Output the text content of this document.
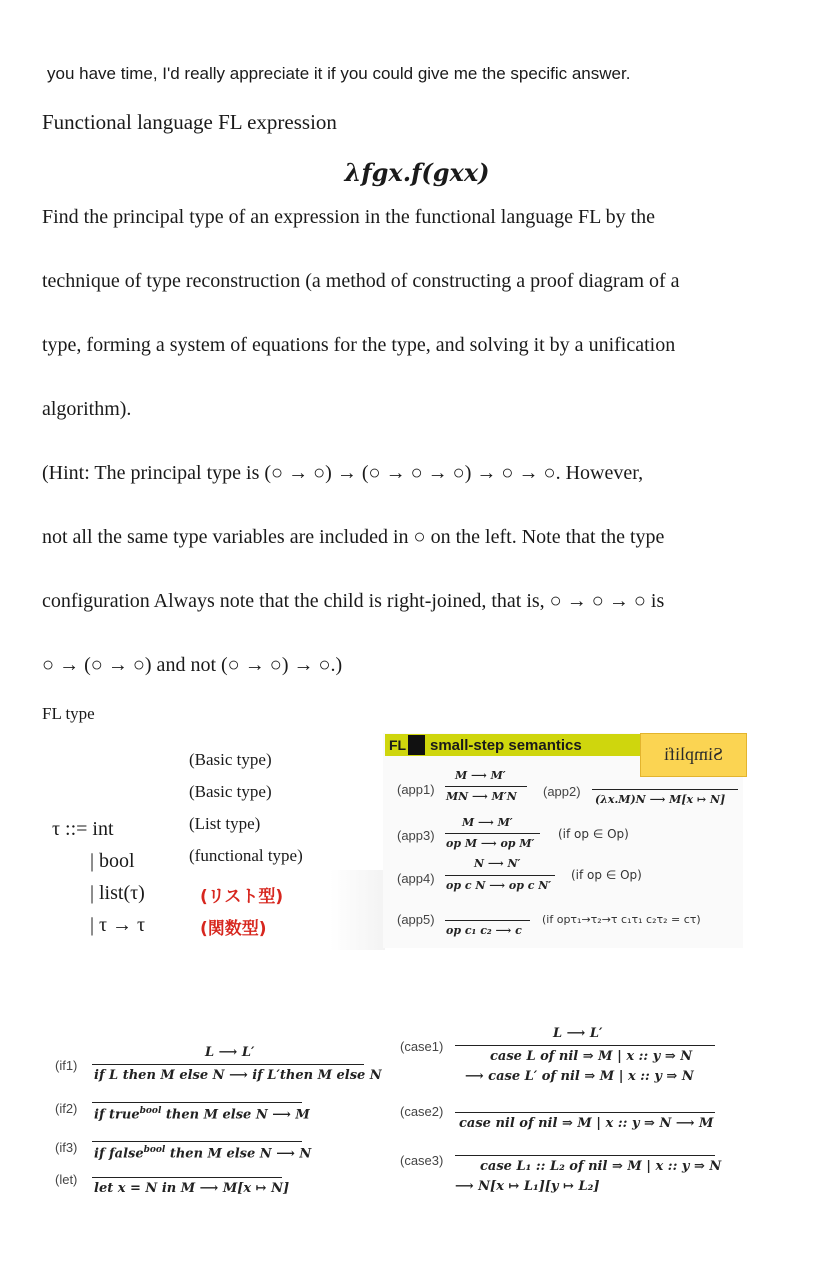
you have time, I'd really appreciate it if you could give me the specific answer.
Functional language FL expression
λfgx.f(gxx)
Find the principal type of an expression in the functional language FL by the
technique of type reconstruction (a method of constructing a proof diagram of a
type, forming a system of equations for the type, and solving it by a unification
algorithm).
(Hint: The principal type is (○ → ○) → (○ → ○ → ○) → ○ → ○. However,
not all the same type variables are included in ○ on the left. Note that the type
configuration Always note that the child is right-joined, that is, ○ → ○ → ○ is
○ → (○ → ○) and not (○ → ○) → ○.)
FL type
τ ::= int
| bool
| list(τ)
| τ → τ
(Basic type)
(Basic type)
(List type)
(functional type)
(リスト型)
(関数型)
FL small-step semantics	Simplifi
(app1)
M ⟶ M′
MN ⟶ M′N (app2)
(λx.M)N ⟶ M[x ↦ N]
(app3)
M ⟶ M′
op M ⟶ op M′
(if op ∈ Op)
(app4)
N ⟶ N′
op c N ⟶ op c N′
(if op ∈ Op)
(app5)
op c₁ c₂ ⟶ c
(if opτ₁→τ₂→τ c₁τ₁ c₂τ₂ = cτ)
(if1)
L ⟶ L′
if L then M else N ⟶ if L′then M else N
(if2) if true$^{bool}$ then M else N ⟶ M
(if3) if false$^{bool}$ then M else N ⟶ N
(let)
let x = N in M ⟶ M[x ↦ N]
(case1)
L ⟶ L′
case L of nil ⇒ M | x :: y ⇒ N
⟶ case L′ of nil ⇒ M | x :: y ⇒ N
(case2)
case nil of nil ⇒ M | x :: y ⇒ N ⟶ M
(case3)	case L₁ :: L₂ of nil ⇒ M | x :: y ⇒ N
⟶ N[x ↦ L₁][y ↦ L₂]
